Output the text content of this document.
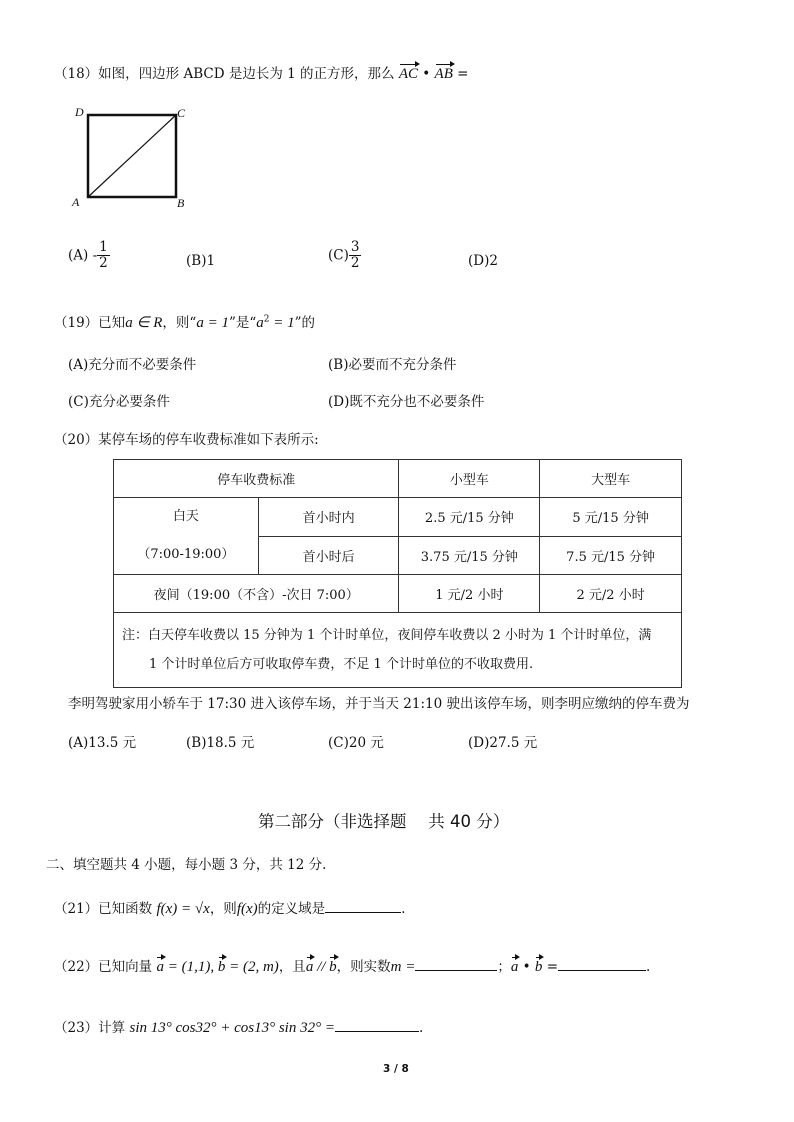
（18）如图，四边形 ABCD 是边长为 1 的正方形，那么 AC • AB =
D	C
A	B
$(A) - \frac{1}{2}$	(B)1	$(C) \frac{3}{2}$	(D)2
（19）已知a ∈ R，则“a = 1”是“$a^2 = 1$”的
(A)充分而不必要条件	(B)必要而不充分条件
(C)充分必要条件	(D)既不充分也不必要条件
（20）某停车场的停车收费标准如下表所示:
停车收费标准		小型车	大型车

白天
（7:00-19:00）	首小时内	2.5 元/15 分钟	5 元/15 分钟
	首小时后	3.75 元/15 分钟	7.5 元/15 分钟
夜间（19:00（不含）-次日 7:00）		1 元/2 小时	2 元/2 小时

注：白天停车收费以 15 分钟为 1 个计时单位，夜间停车收费以 2 小时为 1 个计时单位，满
1 个计时单位后方可收取停车费，不足 1 个计时单位的不收取费用.			
李明驾驶家用小轿车于 17:30 进入该停车场，并于当天 21:10 驶出该停车场，则李明应缴纳的停车费为
(A)13.5 元	(B)18.5 元	(C)20 元	(D)27.5 元
第二部分（非选择题　 共 40 分）
二、填空题共 4 小题，每小题 3 分，共 12 分.
（21）已知函数 f(x) = √x，则f(x)的定义域是	.
（22）已知向量 a = (1,1), b = (2, m)，且a // b，则实数m =	；a • b =	.
（23）计算 sin 13° cos32° + cos13° sin 32° =	.
3 / 8
